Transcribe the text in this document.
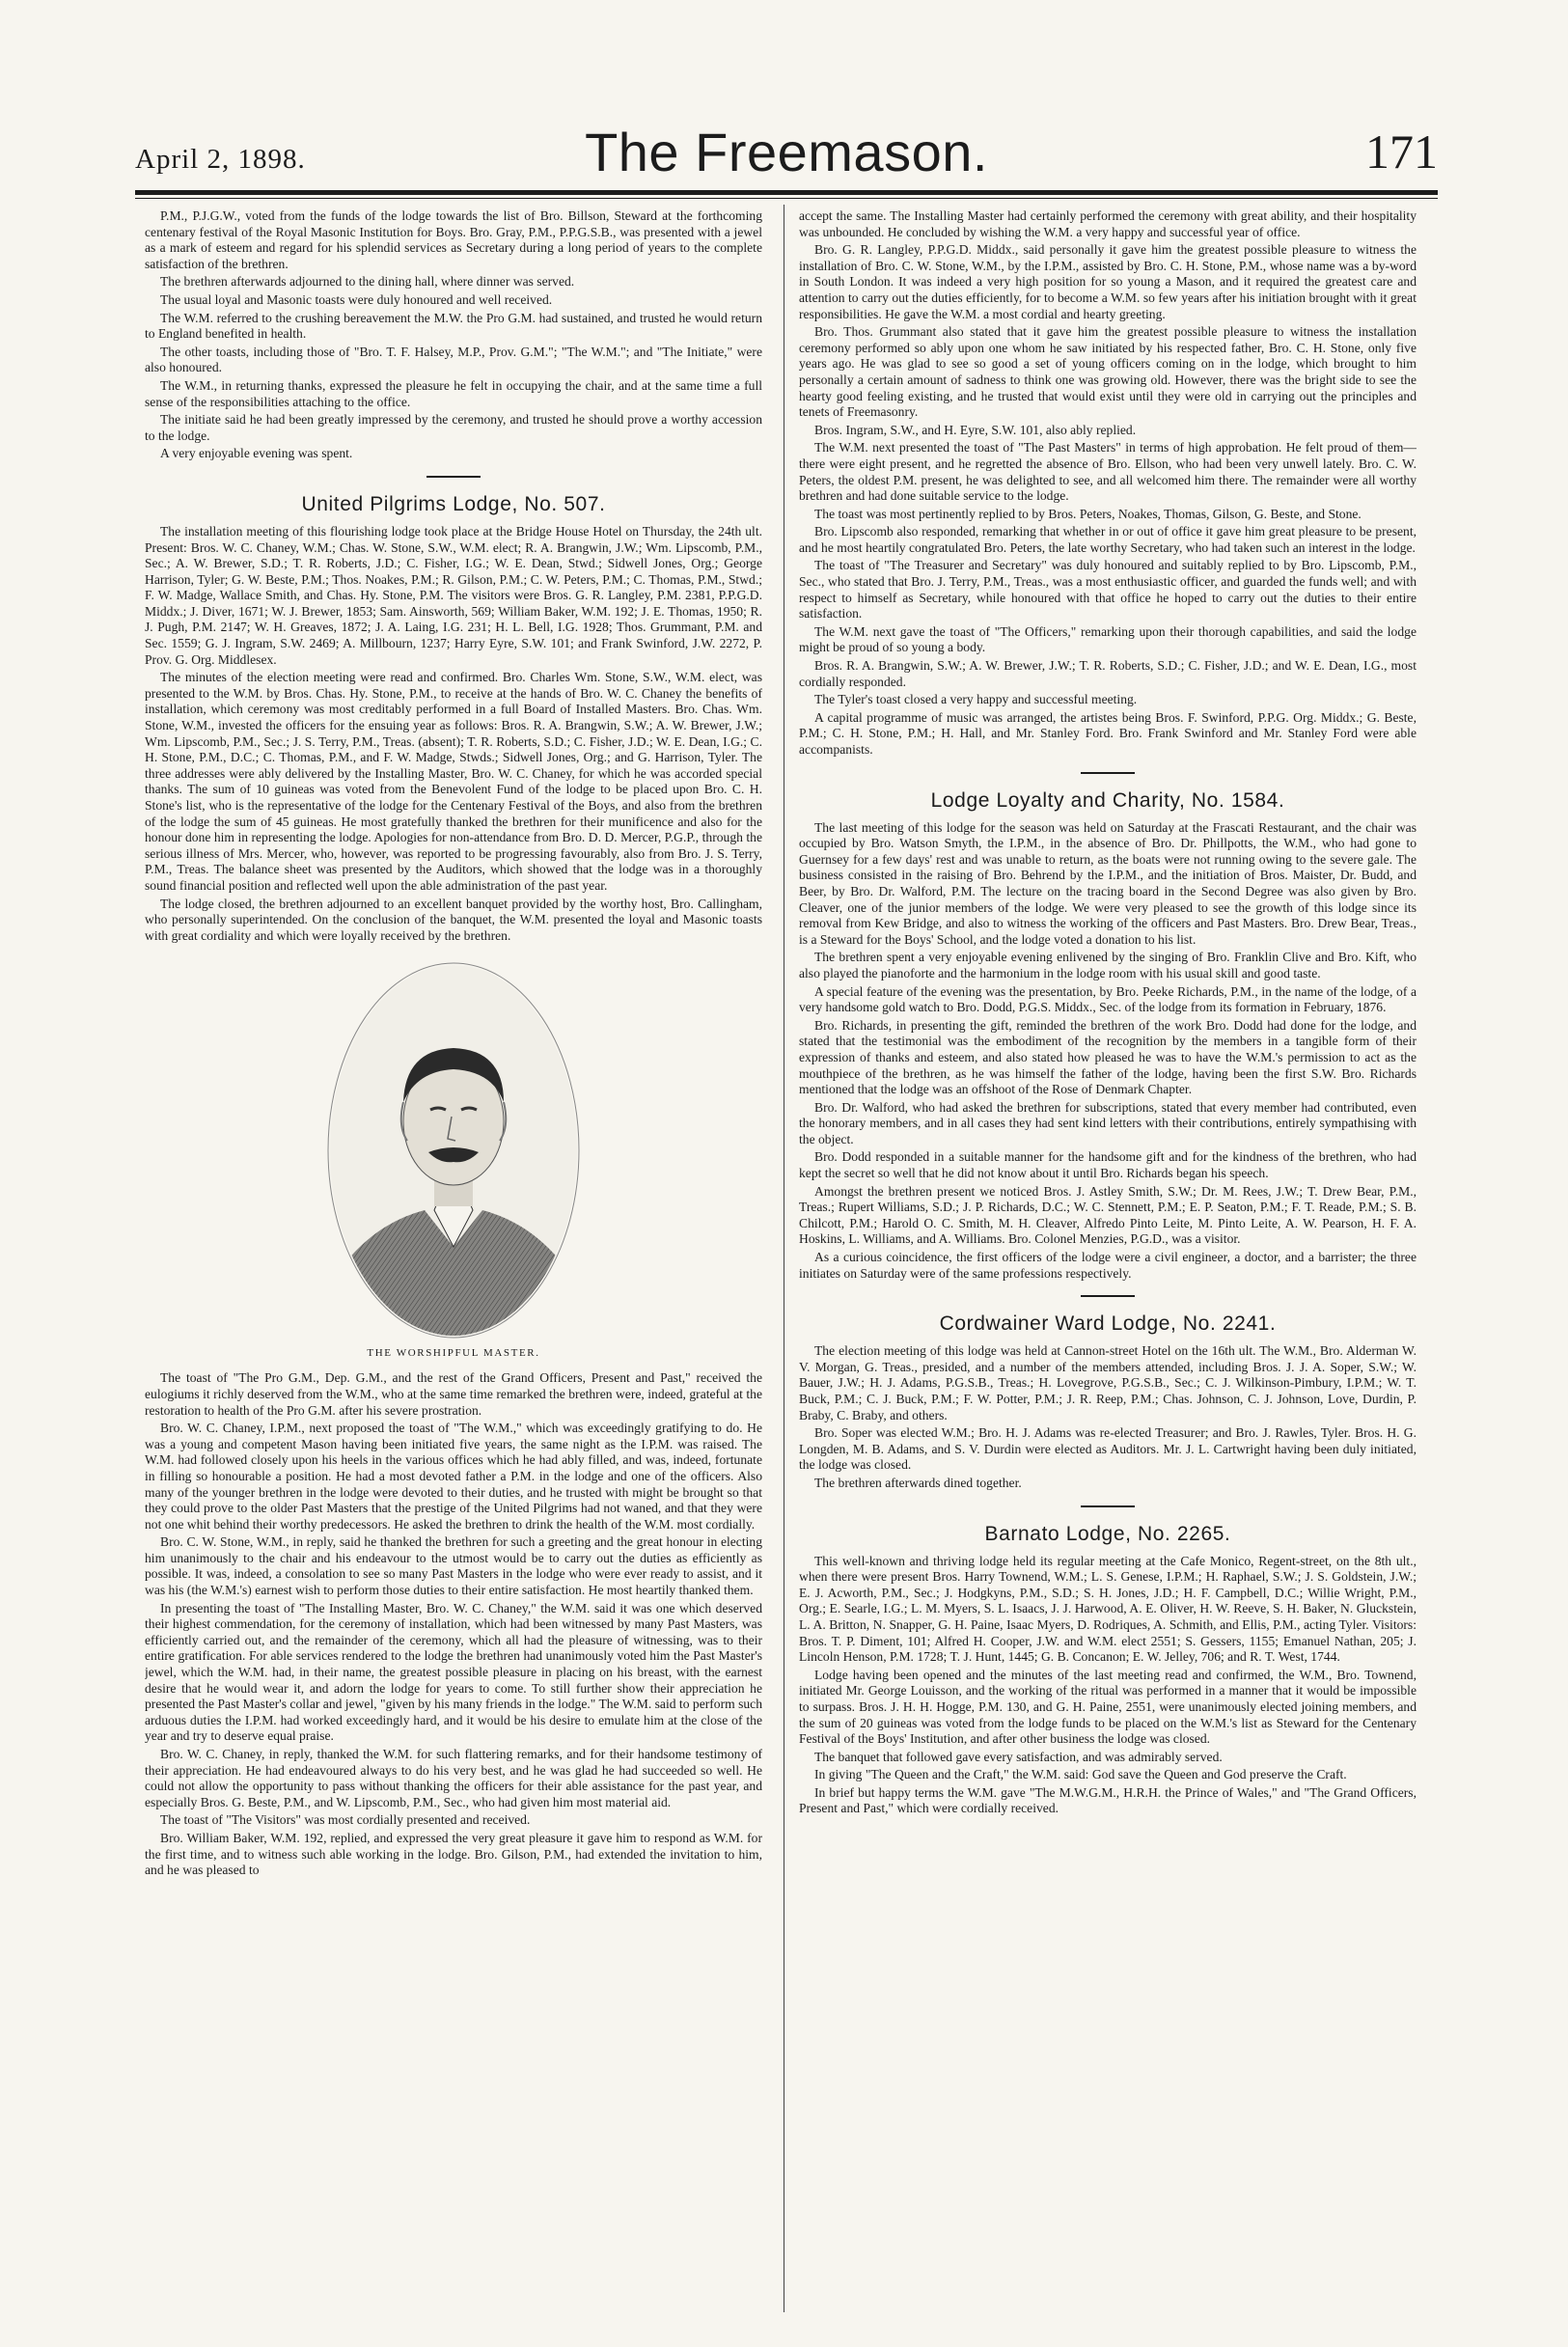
April 2, 1898.	The Freemason.	171

P.M., P.J.G.W., voted from the funds of the lodge towards the list of Bro. Billson, Steward at the forthcoming centenary festival of the Royal Masonic Institution for Boys. Bro. Gray, P.M., P.P.G.S.B., was presented with a jewel as a mark of esteem and regard for his splendid services as Secretary during a long period of years to the complete satisfaction of the brethren.

The brethren afterwards adjourned to the dining hall, where dinner was served.

The usual loyal and Masonic toasts were duly honoured and well received.

The W.M. referred to the crushing bereavement the M.W. the Pro G.M. had sustained, and trusted he would return to England benefited in health.

The other toasts, including those of "Bro. T. F. Halsey, M.P., Prov. G.M."; "The W.M."; and "The Initiate," were also honoured.

The W.M., in returning thanks, expressed the pleasure he felt in occupying the chair, and at the same time a full sense of the responsibilities attaching to the office.

The initiate said he had been greatly impressed by the ceremony, and trusted he should prove a worthy accession to the lodge.

A very enjoyable evening was spent.

United Pilgrims Lodge, No. 507.

The installation meeting of this flourishing lodge took place at the Bridge House Hotel on Thursday, the 24th ult. Present: Bros. W. C. Chaney, W.M.; Chas. W. Stone, S.W., W.M. elect; R. A. Brangwin, J.W.; Wm. Lipscomb, P.M., Sec.; A. W. Brewer, S.D.; T. R. Roberts, J.D.; C. Fisher, I.G.; W. E. Dean, Stwd.; Sidwell Jones, Org.; George Harrison, Tyler; G. W. Beste, P.M.; Thos. Noakes, P.M.; R. Gilson, P.M.; C. W. Peters, P.M.; C. Thomas, P.M., Stwd.; F. W. Madge, Wallace Smith, and Chas. Hy. Stone, P.M. The visitors were Bros. G. R. Langley, P.M. 2381, P.P.G.D. Middx.; J. Diver, 1671; W. J. Brewer, 1853; Sam. Ainsworth, 569; William Baker, W.M. 192; J. E. Thomas, 1950; R. J. Pugh, P.M. 2147; W. H. Greaves, 1872; J. A. Laing, I.G. 231; H. L. Bell, I.G. 1928; Thos. Grummant, P.M. and Sec. 1559; G. J. Ingram, S.W. 2469; A. Millbourn, 1237; Harry Eyre, S.W. 101; and Frank Swinford, J.W. 2272, P. Prov. G. Org. Middlesex.

The minutes of the election meeting were read and confirmed. Bro. Charles Wm. Stone, S.W., W.M. elect, was presented to the W.M. by Bros. Chas. Hy. Stone, P.M., to receive at the hands of Bro. W. C. Chaney the benefits of installation, which ceremony was most creditably performed in a full Board of Installed Masters. Bro. Chas. Wm. Stone, W.M., invested the officers for the ensuing year as follows: Bros. R. A. Brangwin, S.W.; A. W. Brewer, J.W.; Wm. Lipscomb, P.M., Sec.; J. S. Terry, P.M., Treas. (absent); T. R. Roberts, S.D.; C. Fisher, J.D.; W. E. Dean, I.G.; C. H. Stone, P.M., D.C.; C. Thomas, P.M., and F. W. Madge, Stwds.; Sidwell Jones, Org.; and G. Harrison, Tyler. The three addresses were ably delivered by the Installing Master, Bro. W. C. Chaney, for which he was accorded special thanks. The sum of 10 guineas was voted from the Benevolent Fund of the lodge to be placed upon Bro. C. H. Stone's list, who is the representative of the lodge for the Centenary Festival of the Boys, and also from the brethren of the lodge the sum of 45 guineas. He most gratefully thanked the brethren for their munificence and also for the honour done him in representing the lodge. Apologies for non-attendance from Bro. D. D. Mercer, P.G.P., through the serious illness of Mrs. Mercer, who, however, was reported to be progressing favourably, also from Bro. J. S. Terry, P.M., Treas. The balance sheet was presented by the Auditors, which showed that the lodge was in a thoroughly sound financial position and reflected well upon the able administration of the past year.

The lodge closed, the brethren adjourned to an excellent banquet provided by the worthy host, Bro. Callingham, who personally superintended. On the conclusion of the banquet, the W.M. presented the loyal and Masonic toasts with great cordiality and which were loyally received by the brethren.

THE WORSHIPFUL MASTER.

The toast of "The Pro G.M., Dep. G.M., and the rest of the Grand Officers, Present and Past," received the eulogiums it richly deserved from the W.M., who at the same time remarked the brethren were, indeed, grateful at the restoration to health of the Pro G.M. after his severe prostration.

Bro. W. C. Chaney, I.P.M., next proposed the toast of "The W.M.," which was exceedingly gratifying to do. He was a young and competent Mason having been initiated five years, the same night as the I.P.M. was raised. The W.M. had followed closely upon his heels in the various offices which he had ably filled, and was, indeed, fortunate in filling so honourable a position. He had a most devoted father a P.M. in the lodge and one of the officers. Also many of the younger brethren in the lodge were devoted to their duties, and he trusted with might be brought so that they could prove to the older Past Masters that the prestige of the United Pilgrims had not waned, and that they were not one whit behind their worthy predecessors. He asked the brethren to drink the health of the W.M. most cordially.

Bro. C. W. Stone, W.M., in reply, said he thanked the brethren for such a greeting and the great honour in electing him unanimously to the chair and his endeavour to the utmost would be to carry out the duties as efficiently as possible. It was, indeed, a consolation to see so many Past Masters in the lodge who were ever ready to assist, and it was his (the W.M.'s) earnest wish to perform those duties to their entire satisfaction. He most heartily thanked them.

In presenting the toast of "The Installing Master, Bro. W. C. Chaney," the W.M. said it was one which deserved their highest commendation, for the ceremony of installation, which had been witnessed by many Past Masters, was efficiently carried out, and the remainder of the ceremony, which all had the pleasure of witnessing, was to their entire gratification. For able services rendered to the lodge the brethren had unanimously voted him the Past Master's jewel, which the W.M. had, in their name, the greatest possible pleasure in placing on his breast, with the earnest desire that he would wear it, and adorn the lodge for years to come. To still further show their appreciation he presented the Past Master's collar and jewel, "given by his many friends in the lodge." The W.M. said to perform such arduous duties the I.P.M. had worked exceedingly hard, and it would be his desire to emulate him at the close of the year and try to deserve equal praise.

Bro. W. C. Chaney, in reply, thanked the W.M. for such flattering remarks, and for their handsome testimony of their appreciation. He had endeavoured always to do his very best, and he was glad he had succeeded so well. He could not allow the opportunity to pass without thanking the officers for their able assistance for the past year, and especially Bros. G. Beste, P.M., and W. Lipscomb, P.M., Sec., who had given him most material aid.

The toast of "The Visitors" was most cordially presented and received.

Bro. William Baker, W.M. 192, replied, and expressed the very great pleasure it gave him to respond as W.M. for the first time, and to witness such able working in the lodge. Bro. Gilson, P.M., had extended the invitation to him, and he was pleased to

accept the same. The Installing Master had certainly performed the ceremony with great ability, and their hospitality was unbounded. He concluded by wishing the W.M. a very happy and successful year of office.

Bro. G. R. Langley, P.P.G.D. Middx., said personally it gave him the greatest possible pleasure to witness the installation of Bro. C. W. Stone, W.M., by the I.P.M., assisted by Bro. C. H. Stone, P.M., whose name was a by-word in South London. It was indeed a very high position for so young a Mason, and it required the greatest care and attention to carry out the duties efficiently, for to become a W.M. so few years after his initiation brought with it great responsibilities. He gave the W.M. a most cordial and hearty greeting.

Bro. Thos. Grummant also stated that it gave him the greatest possible pleasure to witness the installation ceremony performed so ably upon one whom he saw initiated by his respected father, Bro. C. H. Stone, only five years ago. He was glad to see so good a set of young officers coming on in the lodge, which brought to him personally a certain amount of sadness to think one was growing old. However, there was the bright side to see the hearty good feeling existing, and he trusted that would exist until they were old in carrying out the principles and tenets of Freemasonry.

Bros. Ingram, S.W., and H. Eyre, S.W. 101, also ably replied.

The W.M. next presented the toast of "The Past Masters" in terms of high approbation. He felt proud of them—there were eight present, and he regretted the absence of Bro. Ellson, who had been very unwell lately. Bro. C. W. Peters, the oldest P.M. present, he was delighted to see, and all welcomed him there. The remainder were all worthy brethren and had done suitable service to the lodge.

The toast was most pertinently replied to by Bros. Peters, Noakes, Thomas, Gilson, G. Beste, and Stone.

Bro. Lipscomb also responded, remarking that whether in or out of office it gave him great pleasure to be present, and he most heartily congratulated Bro. Peters, the late worthy Secretary, who had taken such an interest in the lodge.

The toast of "The Treasurer and Secretary" was duly honoured and suitably replied to by Bro. Lipscomb, P.M., Sec., who stated that Bro. J. Terry, P.M., Treas., was a most enthusiastic officer, and guarded the funds well; and with respect to himself as Secretary, while honoured with that office he hoped to carry out the duties to their entire satisfaction.

The W.M. next gave the toast of "The Officers," remarking upon their thorough capabilities, and said the lodge might be proud of so young a body.

Bros. R. A. Brangwin, S.W.; A. W. Brewer, J.W.; T. R. Roberts, S.D.; C. Fisher, J.D.; and W. E. Dean, I.G., most cordially responded.

The Tyler's toast closed a very happy and successful meeting.

A capital programme of music was arranged, the artistes being Bros. F. Swinford, P.P.G. Org. Middx.; G. Beste, P.M.; C. H. Stone, P.M.; H. Hall, and Mr. Stanley Ford. Bro. Frank Swinford and Mr. Stanley Ford were able accompanists.

Lodge Loyalty and Charity, No. 1584.

The last meeting of this lodge for the season was held on Saturday at the Frascati Restaurant, and the chair was occupied by Bro. Watson Smyth, the I.P.M., in the absence of Bro. Dr. Phillpotts, the W.M., who had gone to Guernsey for a few days' rest and was unable to return, as the boats were not running owing to the severe gale. The business consisted in the raising of Bro. Behrend by the I.P.M., and the initiation of Bros. Maister, Dr. Budd, and Beer, by Bro. Dr. Walford, P.M. The lecture on the tracing board in the Second Degree was also given by Bro. Cleaver, one of the junior members of the lodge. We were very pleased to see the growth of this lodge since its removal from Kew Bridge, and also to witness the working of the officers and Past Masters. Bro. Drew Bear, Treas., is a Steward for the Boys' School, and the lodge voted a donation to his list.

The brethren spent a very enjoyable evening enlivened by the singing of Bro. Franklin Clive and Bro. Kift, who also played the pianoforte and the harmonium in the lodge room with his usual skill and good taste.

A special feature of the evening was the presentation, by Bro. Peeke Richards, P.M., in the name of the lodge, of a very handsome gold watch to Bro. Dodd, P.G.S. Middx., Sec. of the lodge from its formation in February, 1876.

Bro. Richards, in presenting the gift, reminded the brethren of the work Bro. Dodd had done for the lodge, and stated that the testimonial was the embodiment of the recognition by the members in a tangible form of their expression of thanks and esteem, and also stated how pleased he was to have the W.M.'s permission to act as the mouthpiece of the brethren, as he was himself the father of the lodge, having been the first S.W. Bro. Richards mentioned that the lodge was an offshoot of the Rose of Denmark Chapter.

Bro. Dr. Walford, who had asked the brethren for subscriptions, stated that every member had contributed, even the honorary members, and in all cases they had sent kind letters with their contributions, entirely sympathising with the object.

Bro. Dodd responded in a suitable manner for the handsome gift and for the kindness of the brethren, who had kept the secret so well that he did not know about it until Bro. Richards began his speech.

Amongst the brethren present we noticed Bros. J. Astley Smith, S.W.; Dr. M. Rees, J.W.; T. Drew Bear, P.M., Treas.; Rupert Williams, S.D.; J. P. Richards, D.C.; W. C. Stennett, P.M.; E. P. Seaton, P.M.; F. T. Reade, P.M.; S. B. Chilcott, P.M.; Harold O. C. Smith, M. H. Cleaver, Alfredo Pinto Leite, M. Pinto Leite, A. W. Pearson, H. F. A. Hoskins, L. Williams, and A. Williams. Bro. Colonel Menzies, P.G.D., was a visitor.

As a curious coincidence, the first officers of the lodge were a civil engineer, a doctor, and a barrister; the three initiates on Saturday were of the same professions respectively.

Cordwainer Ward Lodge, No. 2241.

The election meeting of this lodge was held at Cannon-street Hotel on the 16th ult. The W.M., Bro. Alderman W. V. Morgan, G. Treas., presided, and a number of the members attended, including Bros. J. J. A. Soper, S.W.; W. Bauer, J.W.; H. J. Adams, P.G.S.B., Treas.; H. Lovegrove, P.G.S.B., Sec.; C. J. Wilkinson-Pimbury, I.P.M.; W. T. Buck, P.M.; C. J. Buck, P.M.; F. W. Potter, P.M.; J. R. Reep, P.M.; Chas. Johnson, C. J. Johnson, Love, Durdin, P. Braby, C. Braby, and others.

Bro. Soper was elected W.M.; Bro. H. J. Adams was re-elected Treasurer; and Bro. J. Rawles, Tyler. Bros. H. G. Longden, M. B. Adams, and S. V. Durdin were elected as Auditors. Mr. J. L. Cartwright having been duly initiated, the lodge was closed.

The brethren afterwards dined together.

Barnato Lodge, No. 2265.

This well-known and thriving lodge held its regular meeting at the Cafe Monico, Regent-street, on the 8th ult., when there were present Bros. Harry Townend, W.M.; L. S. Genese, I.P.M.; H. Raphael, S.W.; J. S. Goldstein, J.W.; E. J. Acworth, P.M., Sec.; J. Hodgkyns, P.M., S.D.; S. H. Jones, J.D.; H. F. Campbell, D.C.; Willie Wright, P.M., Org.; E. Searle, I.G.; L. M. Myers, S. L. Isaacs, J. J. Harwood, A. E. Oliver, H. W. Reeve, S. H. Baker, N. Gluckstein, L. A. Britton, N. Snapper, G. H. Paine, Isaac Myers, D. Rodriques, A. Schmith, and Ellis, P.M., acting Tyler. Visitors: Bros. T. P. Diment, 101; Alfred H. Cooper, J.W. and W.M. elect 2551; S. Gessers, 1155; Emanuel Nathan, 205; J. Lincoln Henson, P.M. 1728; T. J. Hunt, 1445; G. B. Concanon; E. W. Jelley, 706; and R. T. West, 1744.

Lodge having been opened and the minutes of the last meeting read and confirmed, the W.M., Bro. Townend, initiated Mr. George Louisson, and the working of the ritual was performed in a manner that it would be impossible to surpass. Bros. J. H. H. Hogge, P.M. 130, and G. H. Paine, 2551, were unanimously elected joining members, and the sum of 20 guineas was voted from the lodge funds to be placed on the W.M.'s list as Steward for the Centenary Festival of the Boys' Institution, and after other business the lodge was closed.

The banquet that followed gave every satisfaction, and was admirably served.

In giving "The Queen and the Craft," the W.M. said: God save the Queen and God preserve the Craft.

In brief but happy terms the W.M. gave "The M.W.G.M., H.R.H. the Prince of Wales," and "The Grand Officers, Present and Past," which were cordially received.
